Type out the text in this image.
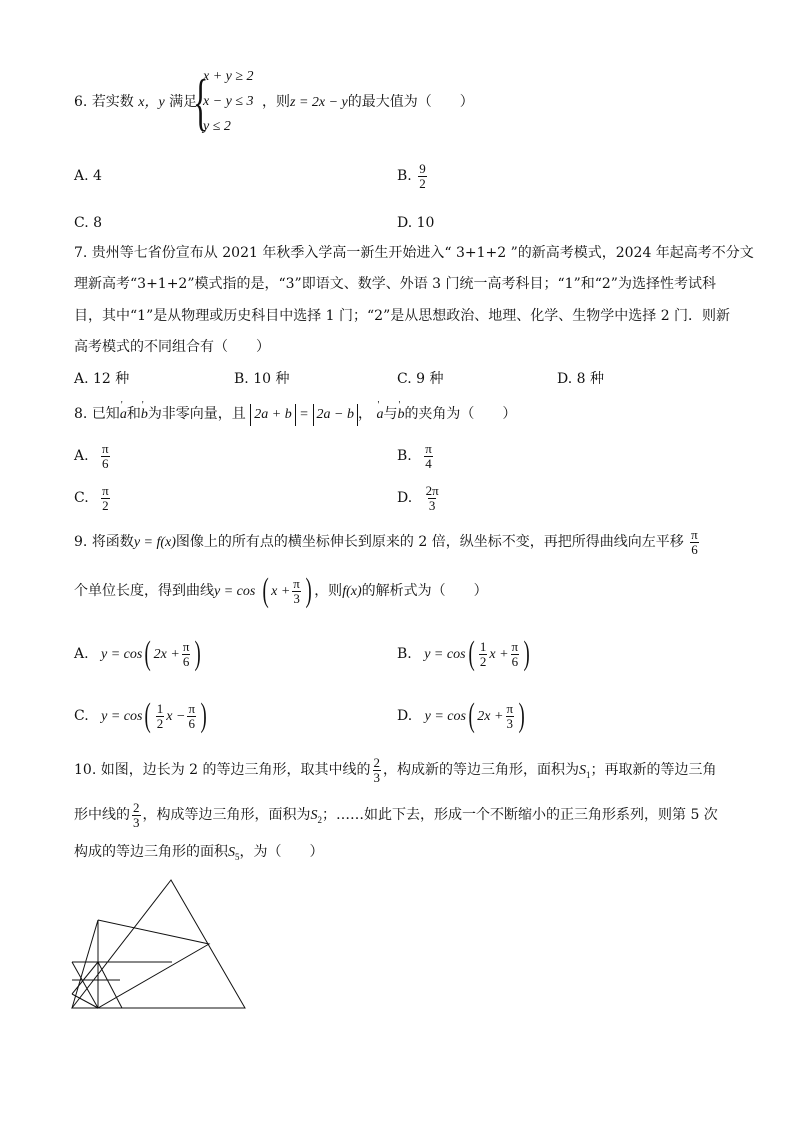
6. 若实数 x，y 满足
{
x + y ≥ 2
x − y ≤ 3
y ≤ 2
，则z = 2x − y的最大值为（　　）
A. 4	B. $\frac{9}{2}$
C. 8	D. 10
7. 贵州等七省份宣布从 2021 年秋季入学高一新生开始进入“ 3+1+2 ”的新高考模式，2024 年起高考不分文
理新高考“3+1+2”模式指的是，“3”即语文、数学、外语 3 门统一高考科目；“1”和“2”为选择性考试科
目，其中“1”是从物理或历史科目中选择 1 门；“2”是从思想政治、地理、化学、生物学中选择 2 门．则新
高考模式的不同组合有（　　）
A. 12 种	B. 10 种	C. 9 种	D. 8 种
8. 已知' a和' b为非零向量，且 2a + b = 2a − b ， ' a与' b的夹角为（　　）
A. $\frac{\pi}{6}$	B. $\frac{\pi}{4}$
C. $\frac{\pi}{2}$	D. $\frac{2\pi}{3}$
9. 将函数y = f(x)图像上的所有点的横坐标伸长到原来的 2 倍，纵坐标不变，再把所得曲线向左平移 $\frac{\pi}{6}$
个单位长度，得到曲线y = cos ( $x + \frac{\pi}{3}$ ) ，则f(x)的解析式为（　　）
A. y = cos( $2x + \frac{\pi}{6}$ )	B. $y = \cos( \frac{1}{2}$ $x + \frac{\pi}{6}$ )
C. $y = \cos( \frac{1}{2}$ $x - \frac{\pi}{6}$ )	D. y = cos( $2x + \frac{\pi}{3}$ )
10. 如图，边长为 2 的等边三角形，取其中线的 $\frac{2}{3}$ ，构成新的等边三角形，面积为$S_1$；再取新的等边三角
形中线的 $\frac{2}{3}$ ，构成等边三角形，面积为$S_2$；……如此下去，形成一个不断缩小的正三角形系列，则第 5 次
构成的等边三角形的面积$S_5$，为（　　）
